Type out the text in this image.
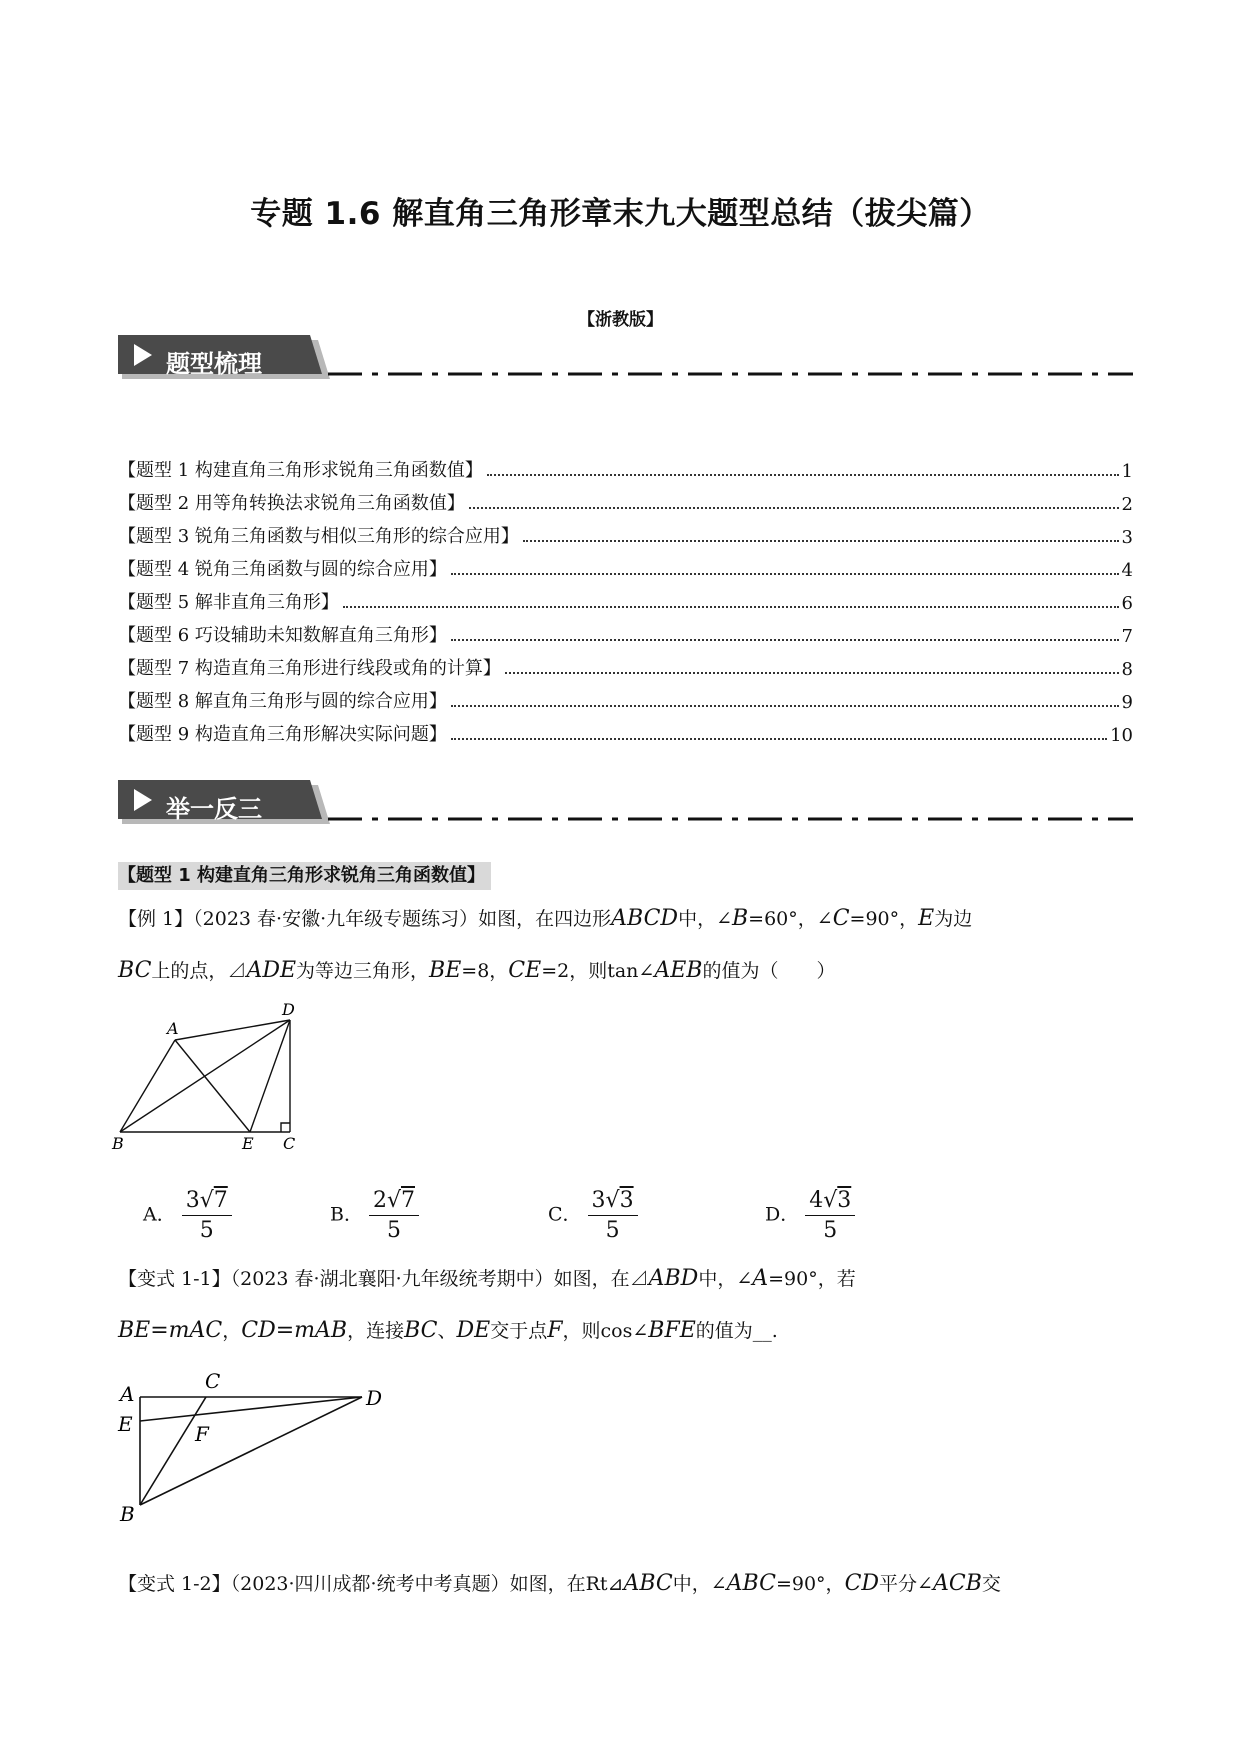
专题 1.6 解直角三角形章末九大题型总结（拔尖篇）
【浙教版】
题型梳理
【题型 1 构建直角三角形求锐角三角函数值】	1
【题型 2 用等角转换法求锐角三角函数值】	2
【题型 3 锐角三角函数与相似三角形的综合应用】	3
【题型 4 锐角三角函数与圆的综合应用】	4
【题型 5 解非直角三角形】	6
【题型 6 巧设辅助未知数解直角三角形】	7
【题型 7 构造直角三角形进行线段或角的计算】	8
【题型 8 解直角三角形与圆的综合应用】	9
【题型 9 构造直角三角形解决实际问题】	10
举一反三
【题型 1 构建直角三角形求锐角三角函数值】
【例 1】（2023 春·安徽·九年级专题练习）如图，在四边形ABCD中，∠B=60°，∠C=90°，E为边
BC上的点，⊿ADE为等边三角形，BE=8，CE=2，则tan∠AEB的值为（　　）
A
D
B	E C
A． $\frac{3√7}{5}$	B． $\frac{2√7}{5}$	C． $\frac{3√3}{5}$	D． $\frac{4√3}{5}$
【变式 1-1】（2023 春·湖北襄阳·九年级统考期中）如图，在⊿ABD中，∠A=90°，若
BE=mAC，CD=mAB，连接BC、DE交于点F，则cos∠BFE的值为__.
A
E
B
C
F
D
【变式 1-2】（2023·四川成都·统考中考真题）如图，在Rt⊿ABC中，∠ABC=90°，CD平分∠ACB交
